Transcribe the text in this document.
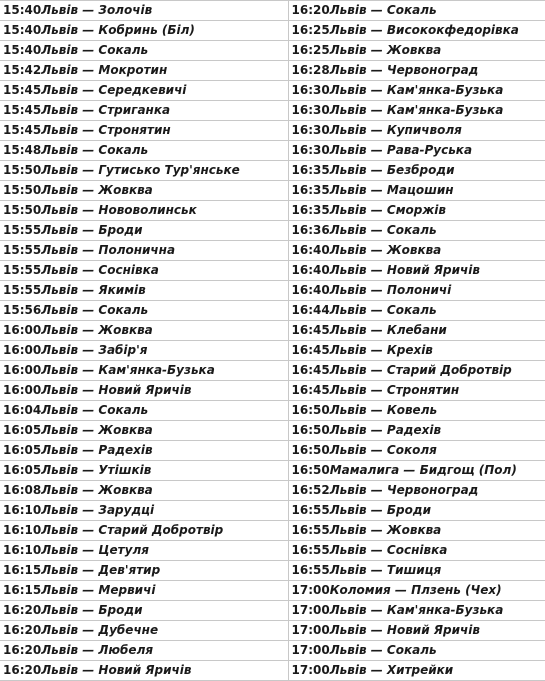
15:40Львів — Золочів	16:20Львів — Сокаль
15:40Львів — Кобринь (Біл)	16:25Львів — Висококфедорівка
15:40Львів — Сокаль	16:25Львів — Жовква
15:42Львів — Мокротин	16:28Львів — Червоноград
15:45Львів — Середкевичі	16:30Львів — Кам'янка-Бузька
15:45Львів — Стриганка	16:30Львів — Кам'янка-Бузька
15:45Львів — Стронятин	16:30Львів — Купичволя
15:48Львів — Сокаль	16:30Львів — Рава-Руська
15:50Львів — Гутисько Тур'янське	16:35Львів — Безброди
15:50Львів — Жовква	16:35Львів — Мацошин
15:50Львів — Нововолинськ	16:35Львів — Сморжів
15:55Львів — Броди	16:36Львів — Сокаль
15:55Львів — Полонична	16:40Львів — Жовква
15:55Львів — Соснівка	16:40Львів — Новий Яричів
15:55Львів — Якимів	16:40Львів — Полоничі
15:56Львів — Сокаль	16:44Львів — Сокаль
16:00Львів — Жовква	16:45Львів — Клебани
16:00Львів — Забір'я	16:45Львів — Крехів
16:00Львів — Кам'янка-Бузька	16:45Львів — Старий Добротвір
16:00Львів — Новий Яричів	16:45Львів — Стронятин
16:04Львів — Сокаль	16:50Львів — Ковель
16:05Львів — Жовква	16:50Львів — Радехів
16:05Львів — Радехів	16:50Львів — Соколя
16:05Львів — Утішків	16:50Мамалига — Бидгощ (Пол)
16:08Львів — Жовква	16:52Львів — Червоноград
16:10Львів — Зарудці	16:55Львів — Броди
16:10Львів — Старий Добротвір	16:55Львів — Жовква
16:10Львів — Цетуля	16:55Львів — Соснівка
16:15Львів — Дев'ятир	16:55Львів — Тишиця
16:15Львів — Мервичі	17:00Коломия — Плзень (Чех)
16:20Львів — Броди	17:00Львів — Кам'янка-Бузька
16:20Львів — Дубечне	17:00Львів — Новий Яричів
16:20Львів — Любеля	17:00Львів — Сокаль
16:20Львів — Новий Яричів	17:00Львів — Хитрейки
